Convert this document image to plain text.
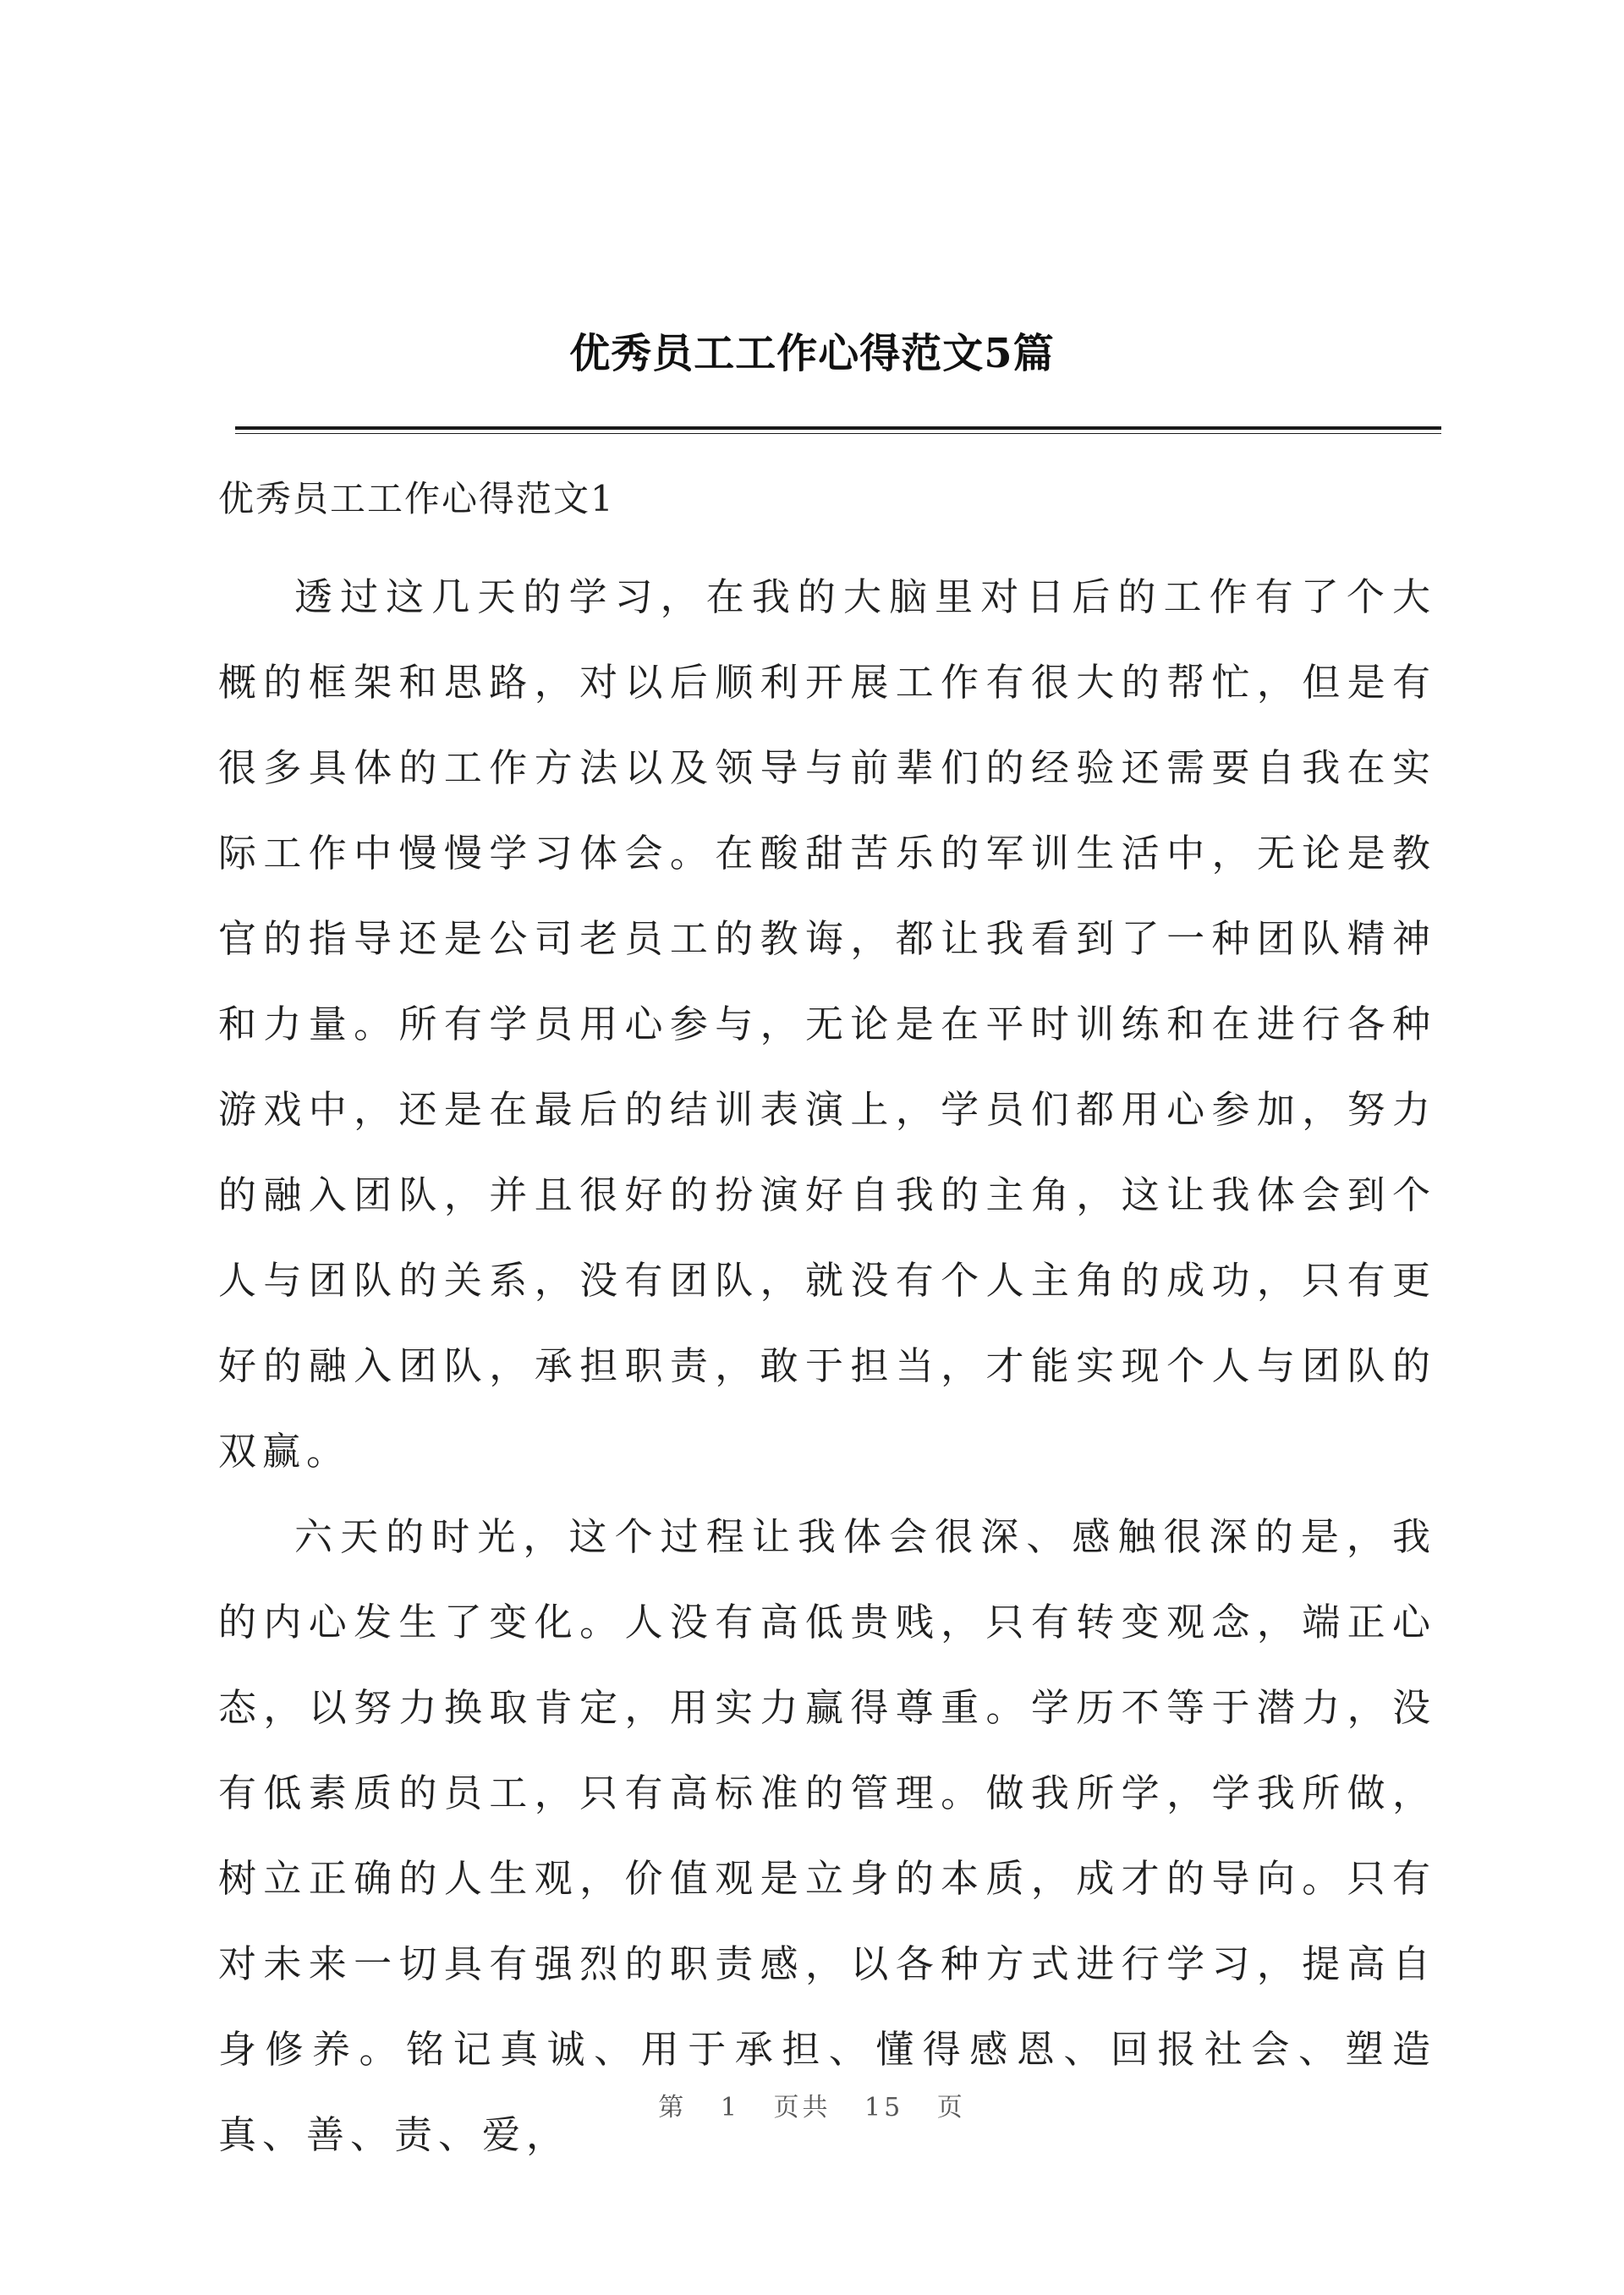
优秀员工工作心得范文5篇
优秀员工工作心得范文1

透过这几天的学习，在我的大脑里对日后的工作有了个大概的框架和思路，对以后顺利开展工作有很大的帮忙，但是有很多具体的工作方法以及领导与前辈们的经验还需要自我在实际工作中慢慢学习体会。在酸甜苦乐的军训生活中，无论是教官的指导还是公司老员工的教诲，都让我看到了一种团队精神和力量。所有学员用心参与，无论是在平时训练和在进行各种游戏中，还是在最后的结训表演上，学员们都用心参加，努力的融入团队，并且很好的扮演好自我的主角，这让我体会到个人与团队的关系，没有团队，就没有个人主角的成功，只有更好的融入团队，承担职责，敢于担当，才能实现个人与团队的双赢。

六天的时光，这个过程让我体会很深、感触很深的是，我的内心发生了变化。人没有高低贵贱，只有转变观念，端正心态，以努力换取肯定，用实力赢得尊重。学历不等于潜力，没有低素质的员工，只有高标准的管理。做我所学，学我所做，树立正确的人生观，价值观是立身的本质，成才的导向。只有对未来一切具有强烈的职责感，以各种方式进行学习，提高自身修养。铭记真诚、用于承担、懂得感恩、回报社会、塑造真、善、责、爱，

第 1 页共 15 页
